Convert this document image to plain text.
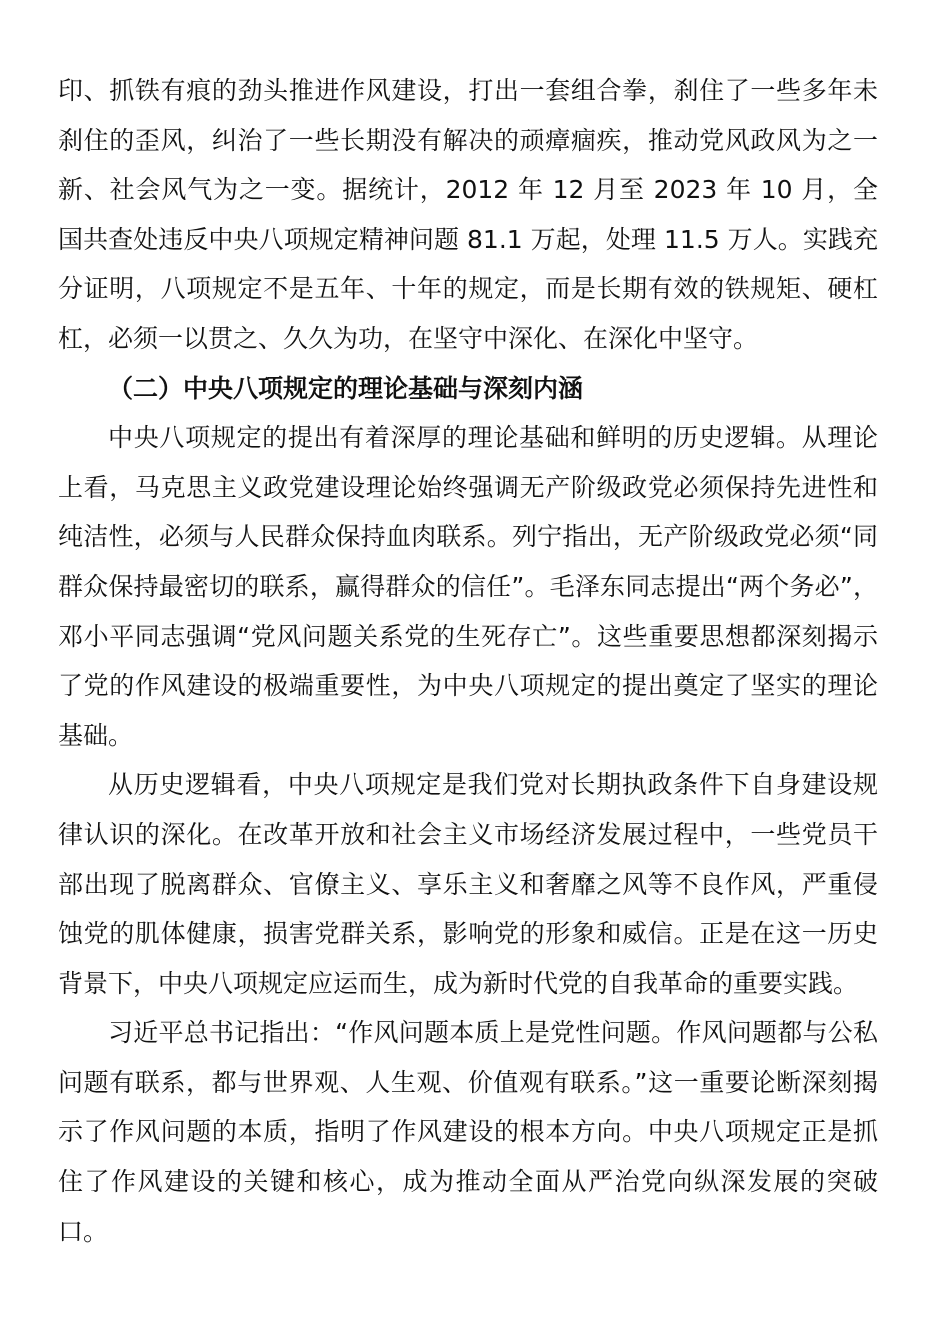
印、抓铁有痕的劲头推进作风建设，打出一套组合拳，刹住了一些多年未刹住的歪风，纠治了一些长期没有解决的顽瘴痼疾，推动党风政风为之一新、社会风气为之一变。据统计，2012 年 12 月至 2023 年 10 月，全国共查处违反中央八项规定精神问题 81.1 万起，处理 11.5 万人。实践充分证明，八项规定不是五年、十年的规定，而是长期有效的铁规矩、硬杠杠，必须一以贯之、久久为功，在坚守中深化、在深化中坚守。

（二）中央八项规定的理论基础与深刻内涵

中央八项规定的提出有着深厚的理论基础和鲜明的历史逻辑。从理论上看，马克思主义政党建设理论始终强调无产阶级政党必须保持先进性和纯洁性，必须与人民群众保持血肉联系。列宁指出，无产阶级政党必须“同群众保持最密切的联系，赢得群众的信任”。毛泽东同志提出“两个务必”，邓小平同志强调“党风问题关系党的生死存亡”。这些重要思想都深刻揭示了党的作风建设的极端重要性，为中央八项规定的提出奠定了坚实的理论基础。

从历史逻辑看，中央八项规定是我们党对长期执政条件下自身建设规律认识的深化。在改革开放和社会主义市场经济发展过程中，一些党员干部出现了脱离群众、官僚主义、享乐主义和奢靡之风等不良作风，严重侵蚀党的肌体健康，损害党群关系，影响党的形象和威信。正是在这一历史背景下，中央八项规定应运而生，成为新时代党的自我革命的重要实践。

习近平总书记指出：“作风问题本质上是党性问题。作风问题都与公私问题有联系，都与世界观、人生观、价值观有联系。”这一重要论断深刻揭示了作风问题的本质，指明了作风建设的根本方向。中央八项规定正是抓住了作风建设的关键和核心，成为推动全面从严治党向纵深发展的突破口。
